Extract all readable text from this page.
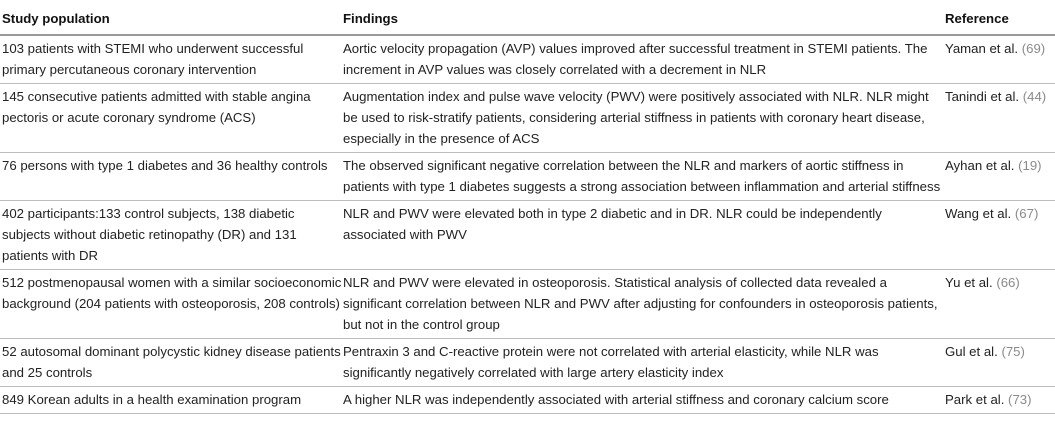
Study population	Findings	Reference
103 patients with STEMI who underwent successful primary percutaneous coronary intervention	Aortic velocity propagation (AVP) values improved after successful treatment in STEMI patients. The increment in AVP values was closely correlated with a decrement in NLR	Yaman et al. (69)
145 consecutive patients admitted with stable angina pectoris or acute coronary syndrome (ACS)	Augmentation index and pulse wave velocity (PWV) were positively associated with NLR. NLR might be used to risk-stratify patients, considering arterial stiffness in patients with coronary heart disease, especially in the presence of ACS	Tanindi et al. (44)
76 persons with type 1 diabetes and 36 healthy controls	The observed significant negative correlation between the NLR and markers of aortic stiffness in patients with type 1 diabetes suggests a strong association between inflammation and arterial stiffness	Ayhan et al. (19)
402 participants:133 control subjects, 138 diabetic subjects without diabetic retinopathy (DR) and 131 patients with DR	NLR and PWV were elevated both in type 2 diabetic and in DR. NLR could be independently associated with PWV	Wang et al. (67)
512 postmenopausal women with a similar socioeconomic background (204 patients with osteoporosis, 208 controls)	NLR and PWV were elevated in osteoporosis. Statistical analysis of collected data revealed a significant correlation between NLR and PWV after adjusting for confounders in osteoporosis patients, but not in the control group	Yu et al. (66)
52 autosomal dominant polycystic kidney disease patients and 25 controls	Pentraxin 3 and C-reactive protein were not correlated with arterial elasticity, while NLR was significantly negatively correlated with large artery elasticity index	Gul et al. (75)
849 Korean adults in a health examination program	A higher NLR was independently associated with arterial stiffness and coronary calcium score	Park et al. (73)
